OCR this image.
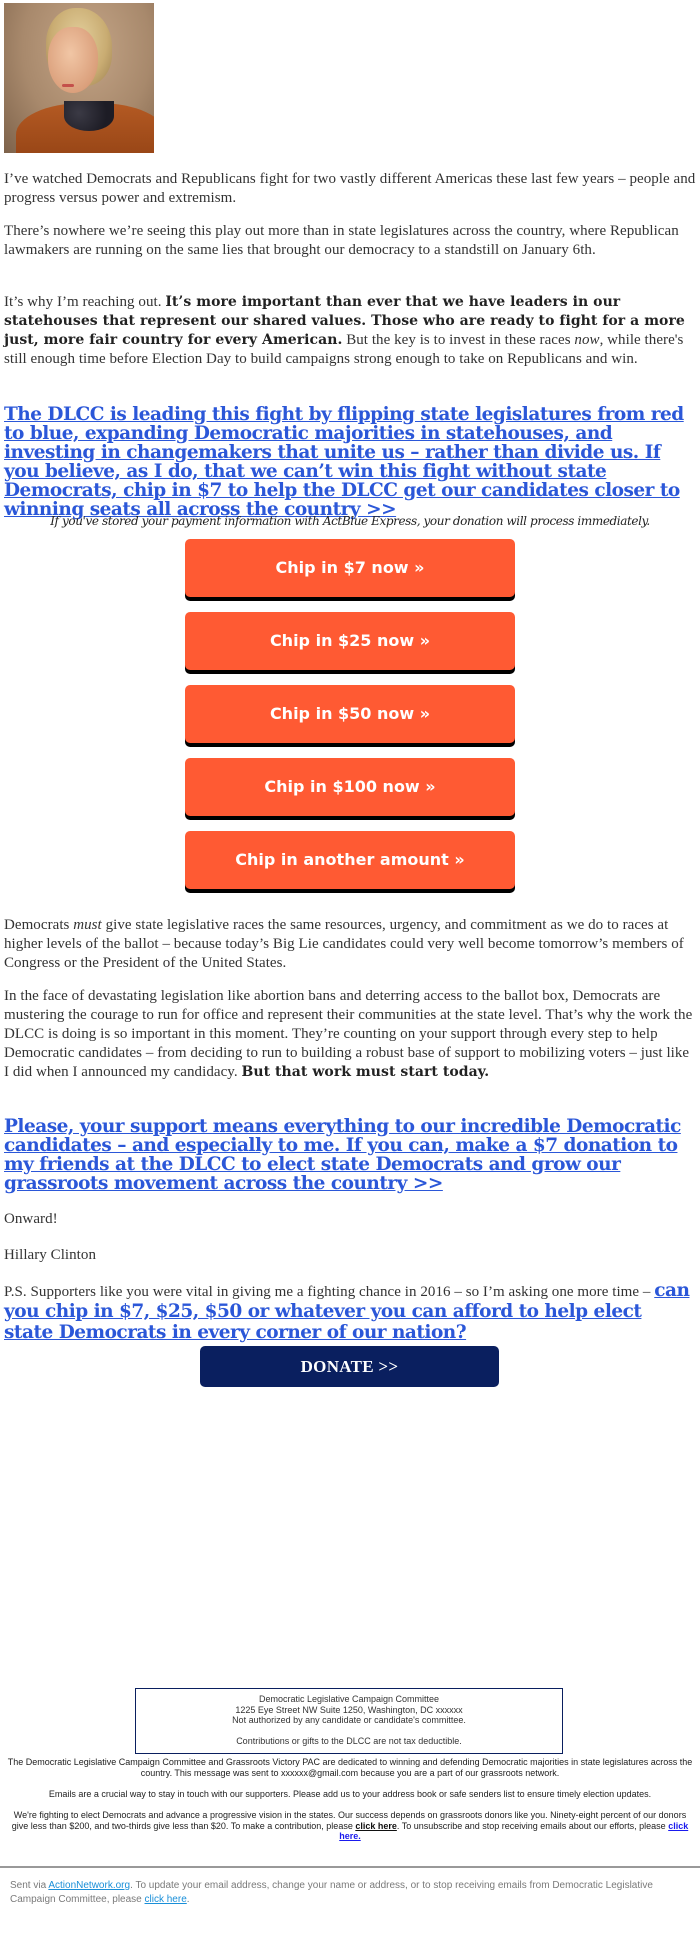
I’ve watched Democrats and Republicans fight for two vastly different Americas these last few years – people and progress versus power and extremism.

There’s nowhere we’re seeing this play out more than in state legislatures across the country, where Republican lawmakers are running on the same lies that brought our democracy to a standstill on January 6th.

It’s why I’m reaching out. It’s more important than ever that we have leaders in our statehouses that represent our shared values. Those who are ready to fight for a more just, more fair country for every American. But the key is to invest in these races now, while there's still enough time before Election Day to build campaigns strong enough to take on Republicans and win.

The DLCC is leading this fight by flipping state legislatures from red to blue, expanding Democratic majorities in statehouses, and investing in changemakers that unite us – rather than divide us. If you believe, as I do, that we can’t win this fight without state Democrats, chip in $7 to help the DLCC get our candidates closer to winning seats all across the country >>
If you've stored your payment information with ActBlue Express, your donation will process immediately.
Chip in $7 now »
Chip in $25 now »
Chip in $50 now »
Chip in $100 now »
Chip in another amount »

Democrats must give state legislative races the same resources, urgency, and commitment as we do to races at higher levels of the ballot – because today’s Big Lie candidates could very well become tomorrow’s members of Congress or the President of the United States.

In the face of devastating legislation like abortion bans and deterring access to the ballot box, Democrats are mustering the courage to run for office and represent their communities at the state level. That’s why the work the DLCC is doing is so important in this moment. They’re counting on your support through every step to help Democratic candidates – from deciding to run to building a robust base of support to mobilizing voters – just like I did when I announced my candidacy. But that work must start today.

Please, your support means everything to our incredible Democratic candidates – and especially to me. If you can, make a $7 donation to my friends at the DLCC to elect state Democrats and grow our grassroots movement across the country >>

Onward!

Hillary Clinton

P.S. Supporters like you were vital in giving me a fighting chance in 2016 – so I’m asking one more time – can you chip in $7, $25, $50 or whatever you can afford to help elect state Democrats in every corner of our nation?

DONATE >>
Democratic Legislative Campaign Committee
1225 Eye Street NW Suite 1250, Washington, DC xxxxxx
Not authorized by any candidate or candidate's committee.
Contributions or gifts to the DLCC are not tax deductible.

The Democratic Legislative Campaign Committee and Grassroots Victory PAC are dedicated to winning and defending Democratic majorities in state legislatures across the country. This message was sent to xxxxxx@gmail.com because you are a part of our grassroots network.

Emails are a crucial way to stay in touch with our supporters. Please add us to your address book or safe senders list to ensure timely election updates.

We're fighting to elect Democrats and advance a progressive vision in the states. Our success depends on grassroots donors like you. Ninety-eight percent of our donors give less than $200, and two-thirds give less than $20. To make a contribution, please click here. To unsubscribe and stop receiving emails about our efforts, please click here.

Sent via ActionNetwork.org. To update your email address, change your name or address, or to stop receiving emails from Democratic Legislative Campaign Committee, please click here.
